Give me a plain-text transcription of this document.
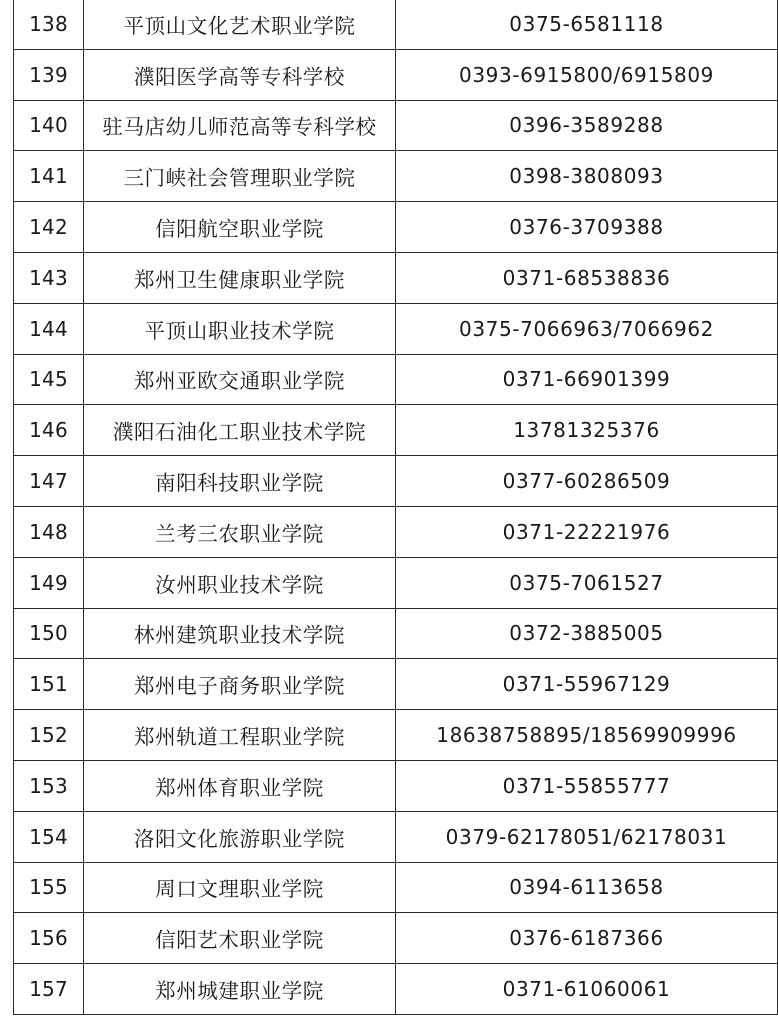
138	平顶山文化艺术职业学院	0375-6581118
139	濮阳医学高等专科学校	0393-6915800/6915809
140	驻马店幼儿师范高等专科学校	0396-3589288
141	三门峡社会管理职业学院	0398-3808093
142	信阳航空职业学院	0376-3709388
143	郑州卫生健康职业学院	0371-68538836
144	平顶山职业技术学院	0375-7066963/7066962
145	郑州亚欧交通职业学院	0371-66901399
146	濮阳石油化工职业技术学院	13781325376
147	南阳科技职业学院	0377-60286509
148	兰考三农职业学院	0371-22221976
149	汝州职业技术学院	0375-7061527
150	林州建筑职业技术学院	0372-3885005
151	郑州电子商务职业学院	0371-55967129
152	郑州轨道工程职业学院	18638758895/18569909996
153	郑州体育职业学院	0371-55855777
154	洛阳文化旅游职业学院	0379-62178051/62178031
155	周口文理职业学院	0394-6113658
156	信阳艺术职业学院	0376-6187366
157	郑州城建职业学院	0371-61060061
